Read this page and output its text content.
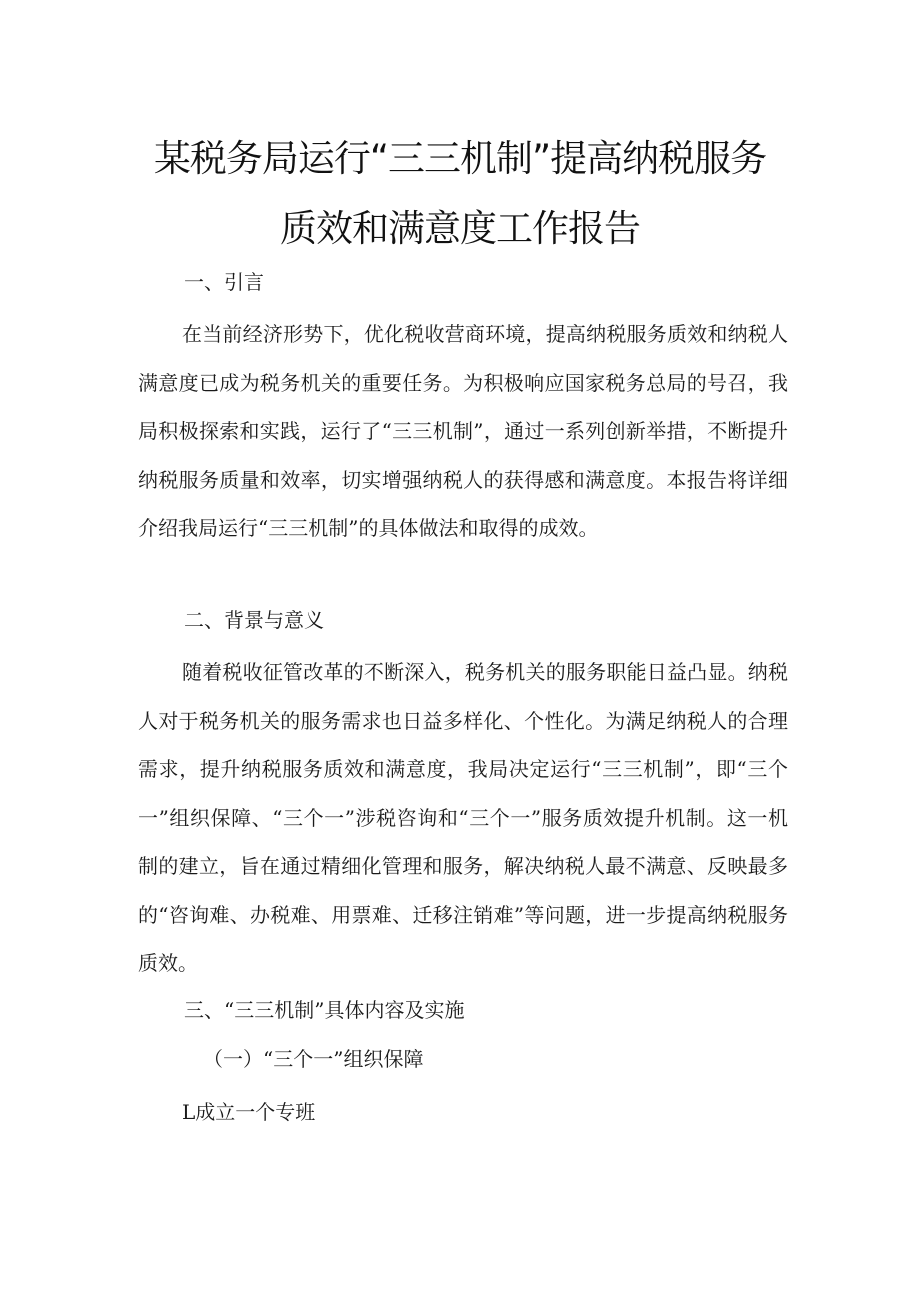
某税务局运行“三三机制”提高纳税服务
质效和满意度工作报告
一、引言
在当前经济形势下，优化税收营商环境，提高纳税服务质效和纳税人满意度已成为税务机关的重要任务。为积极响应国家税务总局的号召，我局积极探索和实践，运行了“三三机制”，通过一系列创新举措，不断提升纳税服务质量和效率，切实增强纳税人的获得感和满意度。本报告将详细介绍我局运行“三三机制”的具体做法和取得的成效。
二、背景与意义
随着税收征管改革的不断深入，税务机关的服务职能日益凸显。纳税人对于税务机关的服务需求也日益多样化、个性化。为满足纳税人的合理需求，提升纳税服务质效和满意度，我局决定运行“三三机制”，即“三个一”组织保障、“三个一”涉税咨询和“三个一”服务质效提升机制。这一机制的建立，旨在通过精细化管理和服务，解决纳税人最不满意、反映最多的“咨询难、办税难、用票难、迁移注销难”等问题，进一步提高纳税服务质效。
三、“三三机制”具体内容及实施
（一）“三个一”组织保障
L成立一个专班
